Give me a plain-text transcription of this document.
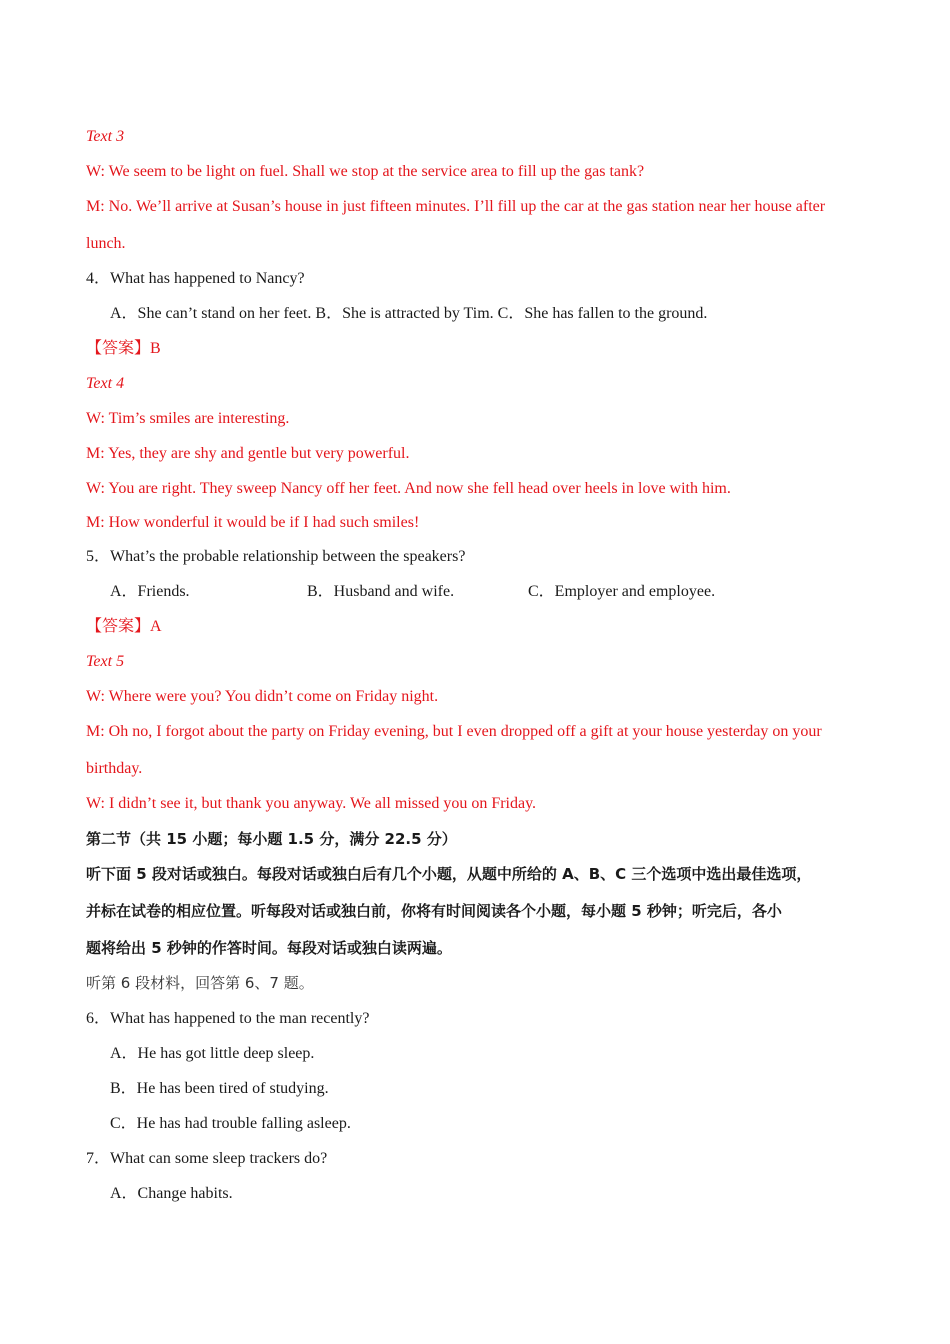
Text 3
W: We seem to be light on fuel. Shall we stop at the service area to fill up the gas tank?
M: No. We’ll arrive at Susan’s house in just fifteen minutes. I’ll fill up the car at the gas station near her house after
lunch.
4．What has happened to Nancy?
A．She can’t stand on her feet. B．She is attracted by Tim. C．She has fallen to the ground.
【答案】B
Text 4
W: Tim’s smiles are interesting.
M: Yes, they are shy and gentle but very powerful.
W: You are right. They sweep Nancy off her feet. And now she fell head over heels in love with him.
M: How wonderful it would be if I had such smiles!
5．What’s the probable relationship between the speakers?
A．Friends.	B．Husband and wife.	C．Employer and employee.
【答案】A
Text 5
W: Where were you? You didn’t come on Friday night.
M: Oh no, I forgot about the party on Friday evening, but I even dropped off a gift at your house yesterday on your
birthday.
W: I didn’t see it, but thank you anyway. We all missed you on Friday.
第二节（共 15 小题；每小题 1.5 分，满分 22.5 分）
听下面 5 段对话或独白。每段对话或独白后有几个小题，从题中所给的 A、B、C 三个选项中选出最佳选项，
并标在试卷的相应位置。听每段对话或独白前，你将有时间阅读各个小题，每小题 5 秒钟；听完后，各小
题将给出 5 秒钟的作答时间。每段对话或独白读两遍。
听第 6 段材料，回答第 6、7 题。
6．What has happened to the man recently?
A．He has got little deep sleep.
B．He has been tired of studying.
C．He has had trouble falling asleep.
7．What can some sleep trackers do?
A．Change habits.
